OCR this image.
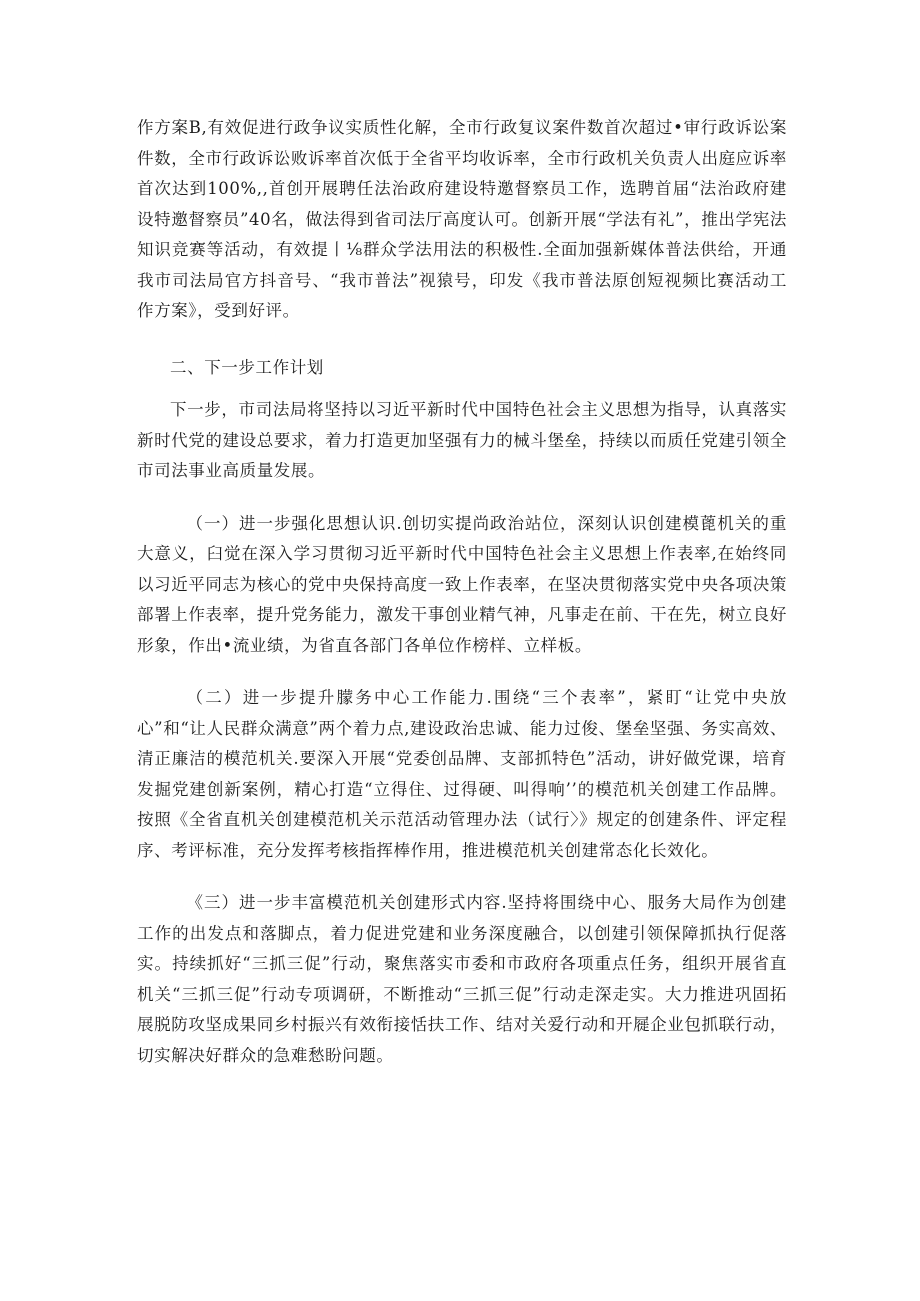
作方案B,有效促进行政争议实质性化解，全市行政复议案件数首次超过•审行政诉讼案件数，全市行政诉讼败诉率首次低于全省平均收诉率，全市行政机关负责人出庭应诉率首次达到100%,,首创开展聘任法治政府建设特邀督察员工作，选聘首届“法治政府建设特邀督察员”40名，做法得到省司法厅高度认可。创新开展“学法有礼”，推出学宪法知识竞赛等活动，有效提丨⅛群众学法用法的积极性.全面加强新媒体普法供给，开通我市司法局官方抖音号、“我市普法”视猿号，印发《我市普法原创短视频比赛活动工作方案》，受到好评。

二、下一步工作计划

下一步，市司法局将坚持以习近平新时代中国特色社会主义思想为指导，认真落实新时代党的建设总要求，着力打造更加坚强有力的械斗堡垒，持续以而质任党建引领全市司法事业高质量发展。

（一）进一步强化思想认识.创切实提尚政治站位，深刻认识创建模蓖机关的重大意义，臼觉在深入学习贯彻习近平新时代中国特色社会主义思想上作表率,在始终同以习近平同志为核心的党中央保持高度一致上作表率，在坚决贯彻落实党中央各项决策部署上作表率，提升党务能力，激发干事创业精气神，凡事走在前、干在先，树立良好形象，作出•流业绩，为省直各部门各单位作榜样、立样板。

（二）进一步提升朦务中心工作能力.围绕“三个表率”，紧盯“让党中央放心”和“让人民群众满意”两个着力点,建设政治忠诚、能力过俊、堡垒坚强、务实高效、清正廉洁的模范机关.要深入开展“党委创品牌、支部抓特色”活动，讲好做党课，培育发掘党建创新案例，精心打造“立得住、过得硬、叫得响’’的模范机关创建工作品牌。按照《全省直机关创建模范机关示范活动管理办法（试行〉》规定的创建条件、评定程序、考评标准，充分发挥考核指挥棒作用，推进模范机关创建常态化长效化。

《三）进一步丰富模范机关创建形式内容.坚持将围绕中心、服务大局作为创建工作的出发点和落脚点，着力促进党建和业务深度融合，以创建引领保障抓执行促落实。持续抓好“三抓三促”行动，聚焦落实市委和市政府各项重点任务，组织开展省直机关“三抓三促”行动专项调研，不断推动“三抓三促”行动走深走实。大力推进巩固拓展脱防攻坚成果同乡村振兴有效衔接恬扶工作、结对关爱行动和开屣企业包抓联行动，切实解决好群众的急难愁盼问题。
